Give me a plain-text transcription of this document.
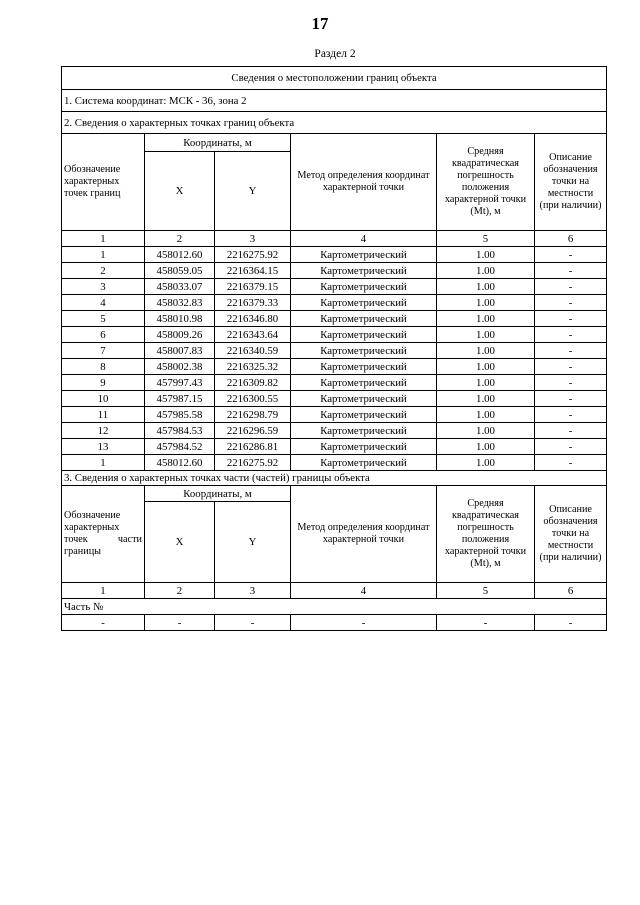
17
Раздел 2
Сведения о местоположении границ объекта					
1. Система координат: МСК - 36, зона 2					
2. Сведения о характерных точках границ объекта					
Обозначение характерных точек границ	Координаты, м		Метод определения координат характерной точки	Средняя квадратическая погрешность положения характерной точки (Mt), м	Описание обозначения точки на местности (при наличии)
	X	Y			
1	2	3	4	5	6
1	458012.60	2216275.92	Картометрический	1.00	-
2	458059.05	2216364.15	Картометрический	1.00	-
3	458033.07	2216379.15	Картометрический	1.00	-
4	458032.83	2216379.33	Картометрический	1.00	-
5	458010.98	2216346.80	Картометрический	1.00	-
6	458009.26	2216343.64	Картометрический	1.00	-
7	458007.83	2216340.59	Картометрический	1.00	-
8	458002.38	2216325.32	Картометрический	1.00	-
9	457997.43	2216309.82	Картометрический	1.00	-
10	457987.15	2216300.55	Картометрический	1.00	-
11	457985.58	2216298.79	Картометрический	1.00	-
12	457984.53	2216296.59	Картометрический	1.00	-
13	457984.52	2216286.81	Картометрический	1.00	-
1	458012.60	2216275.92	Картометрический	1.00	-
3. Сведения о характерных точках части (частей) границы объекта					
Обозначение характерных точек части границы	Координаты, м		Метод определения координат характерной точки	Средняя квадратическая погрешность положения характерной точки (Mt), м	Описание обозначения точки на местности (при наличии)
	X	Y			
1	2	3	4	5	6
Часть №					
-	-	-	-	-	-
